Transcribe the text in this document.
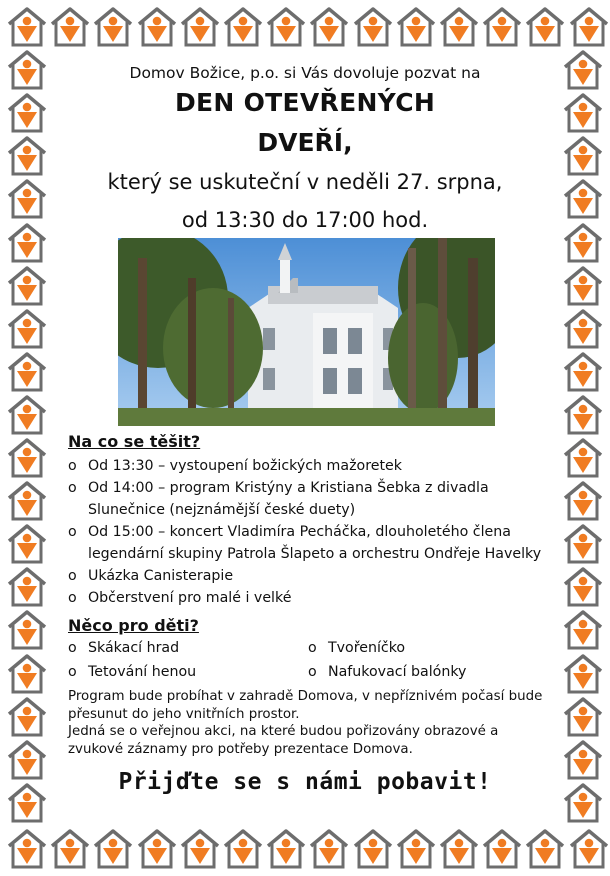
Domov Božice, p.o. si Vás dovoluje pozvat na
DEN OTEVŘENÝCH
DVEŘÍ,
který se uskuteční v neděli 27. srpna,
od 13:30 do 17:00 hod.
Na co se těšit?
o Od 13:30 – vystoupení božických mažoretek
o Od 14:00 – program Kristýny a Kristiana Šebka z divadla Slunečnice (nejznámější české duety)
o Od 15:00 – koncert Vladimíra Pecháčka, dlouholetého člena legendární skupiny Patrola Šlapeto a orchestru Ondřeje Havelky
o Ukázka Canisterapie
o Občerstvení pro malé i velké
Něco pro děti?
o Skákací hrad	o Tvořeníčko
o Tetování henou	o Nafukovací balónky
Program bude probíhat v zahradě Domova, v nepříznivém počasí bude přesunut do jeho vnitřních prostor.
Jedná se o veřejnou akci, na které budou pořizovány obrazové a zvukové záznamy pro potřeby prezentace Domova.
Přijďte se s námi pobavit!
